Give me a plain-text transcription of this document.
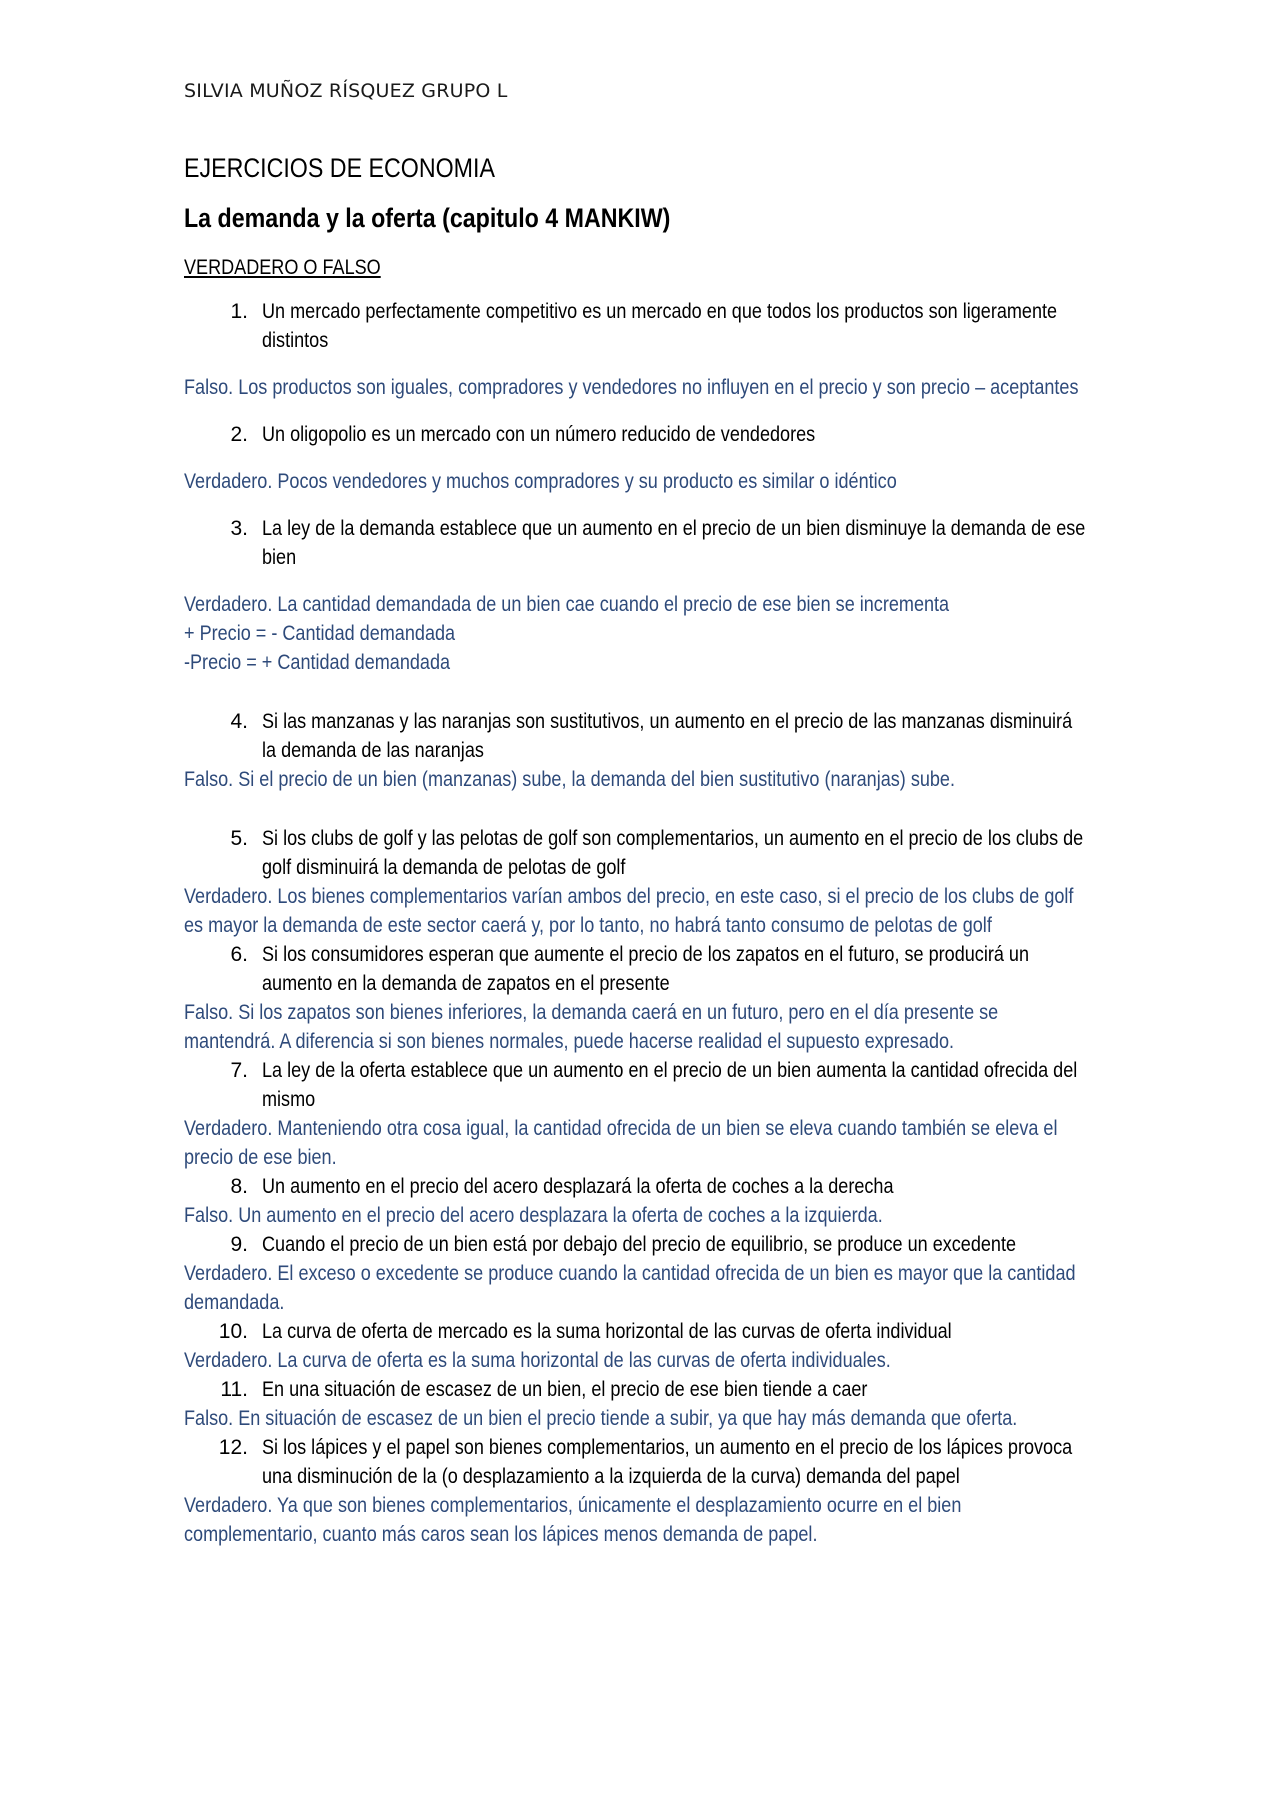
SILVIA MUÑOZ RÍSQUEZ GRUPO L
EJERCICIOS DE ECONOMIA
La demanda y la oferta (capitulo 4 MANKIW)
VERDADERO O FALSO
1. Un mercado perfectamente competitivo es un mercado en que todos los productos son ligeramente distintos
Falso. Los productos son iguales, compradores y vendedores no influyen en el precio y son precio – aceptantes
2. Un oligopolio es un mercado con un número reducido de vendedores
Verdadero. Pocos vendedores y muchos compradores y su producto es similar o idéntico
3. La ley de la demanda establece que un aumento en el precio de un bien disminuye la demanda de ese bien
Verdadero. La cantidad demandada de un bien cae cuando el precio de ese bien se incrementa
+ Precio = - Cantidad demandada
-Precio = + Cantidad demandada
4. Si las manzanas y las naranjas son sustitutivos, un aumento en el precio de las manzanas disminuirá la demanda de las naranjas
Falso. Si el precio de un bien (manzanas) sube, la demanda del bien sustitutivo (naranjas) sube.
5. Si los clubs de golf y las pelotas de golf son complementarios, un aumento en el precio de los clubs de golf disminuirá la demanda de pelotas de golf
Verdadero. Los bienes complementarios varían ambos del precio, en este caso, si el precio de los clubs de golf es mayor la demanda de este sector caerá y, por lo tanto, no habrá tanto consumo de pelotas de golf
6. Si los consumidores esperan que aumente el precio de los zapatos en el futuro, se producirá un aumento en la demanda de zapatos en el presente
Falso. Si los zapatos son bienes inferiores, la demanda caerá en un futuro, pero en el día presente se mantendrá. A diferencia si son bienes normales, puede hacerse realidad el supuesto expresado.
7. La ley de la oferta establece que un aumento en el precio de un bien aumenta la cantidad ofrecida del mismo
Verdadero. Manteniendo otra cosa igual, la cantidad ofrecida de un bien se eleva cuando también se eleva el precio de ese bien.
8. Un aumento en el precio del acero desplazará la oferta de coches a la derecha
Falso. Un aumento en el precio del acero desplazara la oferta de coches a la izquierda.
9. Cuando el precio de un bien está por debajo del precio de equilibrio, se produce un excedente
Verdadero. El exceso o excedente se produce cuando la cantidad ofrecida de un bien es mayor que la cantidad demandada.
10. La curva de oferta de mercado es la suma horizontal de las curvas de oferta individual
Verdadero. La curva de oferta es la suma horizontal de las curvas de oferta individuales.
11. En una situación de escasez de un bien, el precio de ese bien tiende a caer
Falso. En situación de escasez de un bien el precio tiende a subir, ya que hay más demanda que oferta.
12. Si los lápices y el papel son bienes complementarios, un aumento en el precio de los lápices provoca una disminución de la (o desplazamiento a la izquierda de la curva) demanda del papel
Verdadero. Ya que son bienes complementarios, únicamente el desplazamiento ocurre en el bien complementario, cuanto más caros sean los lápices menos demanda de papel.
